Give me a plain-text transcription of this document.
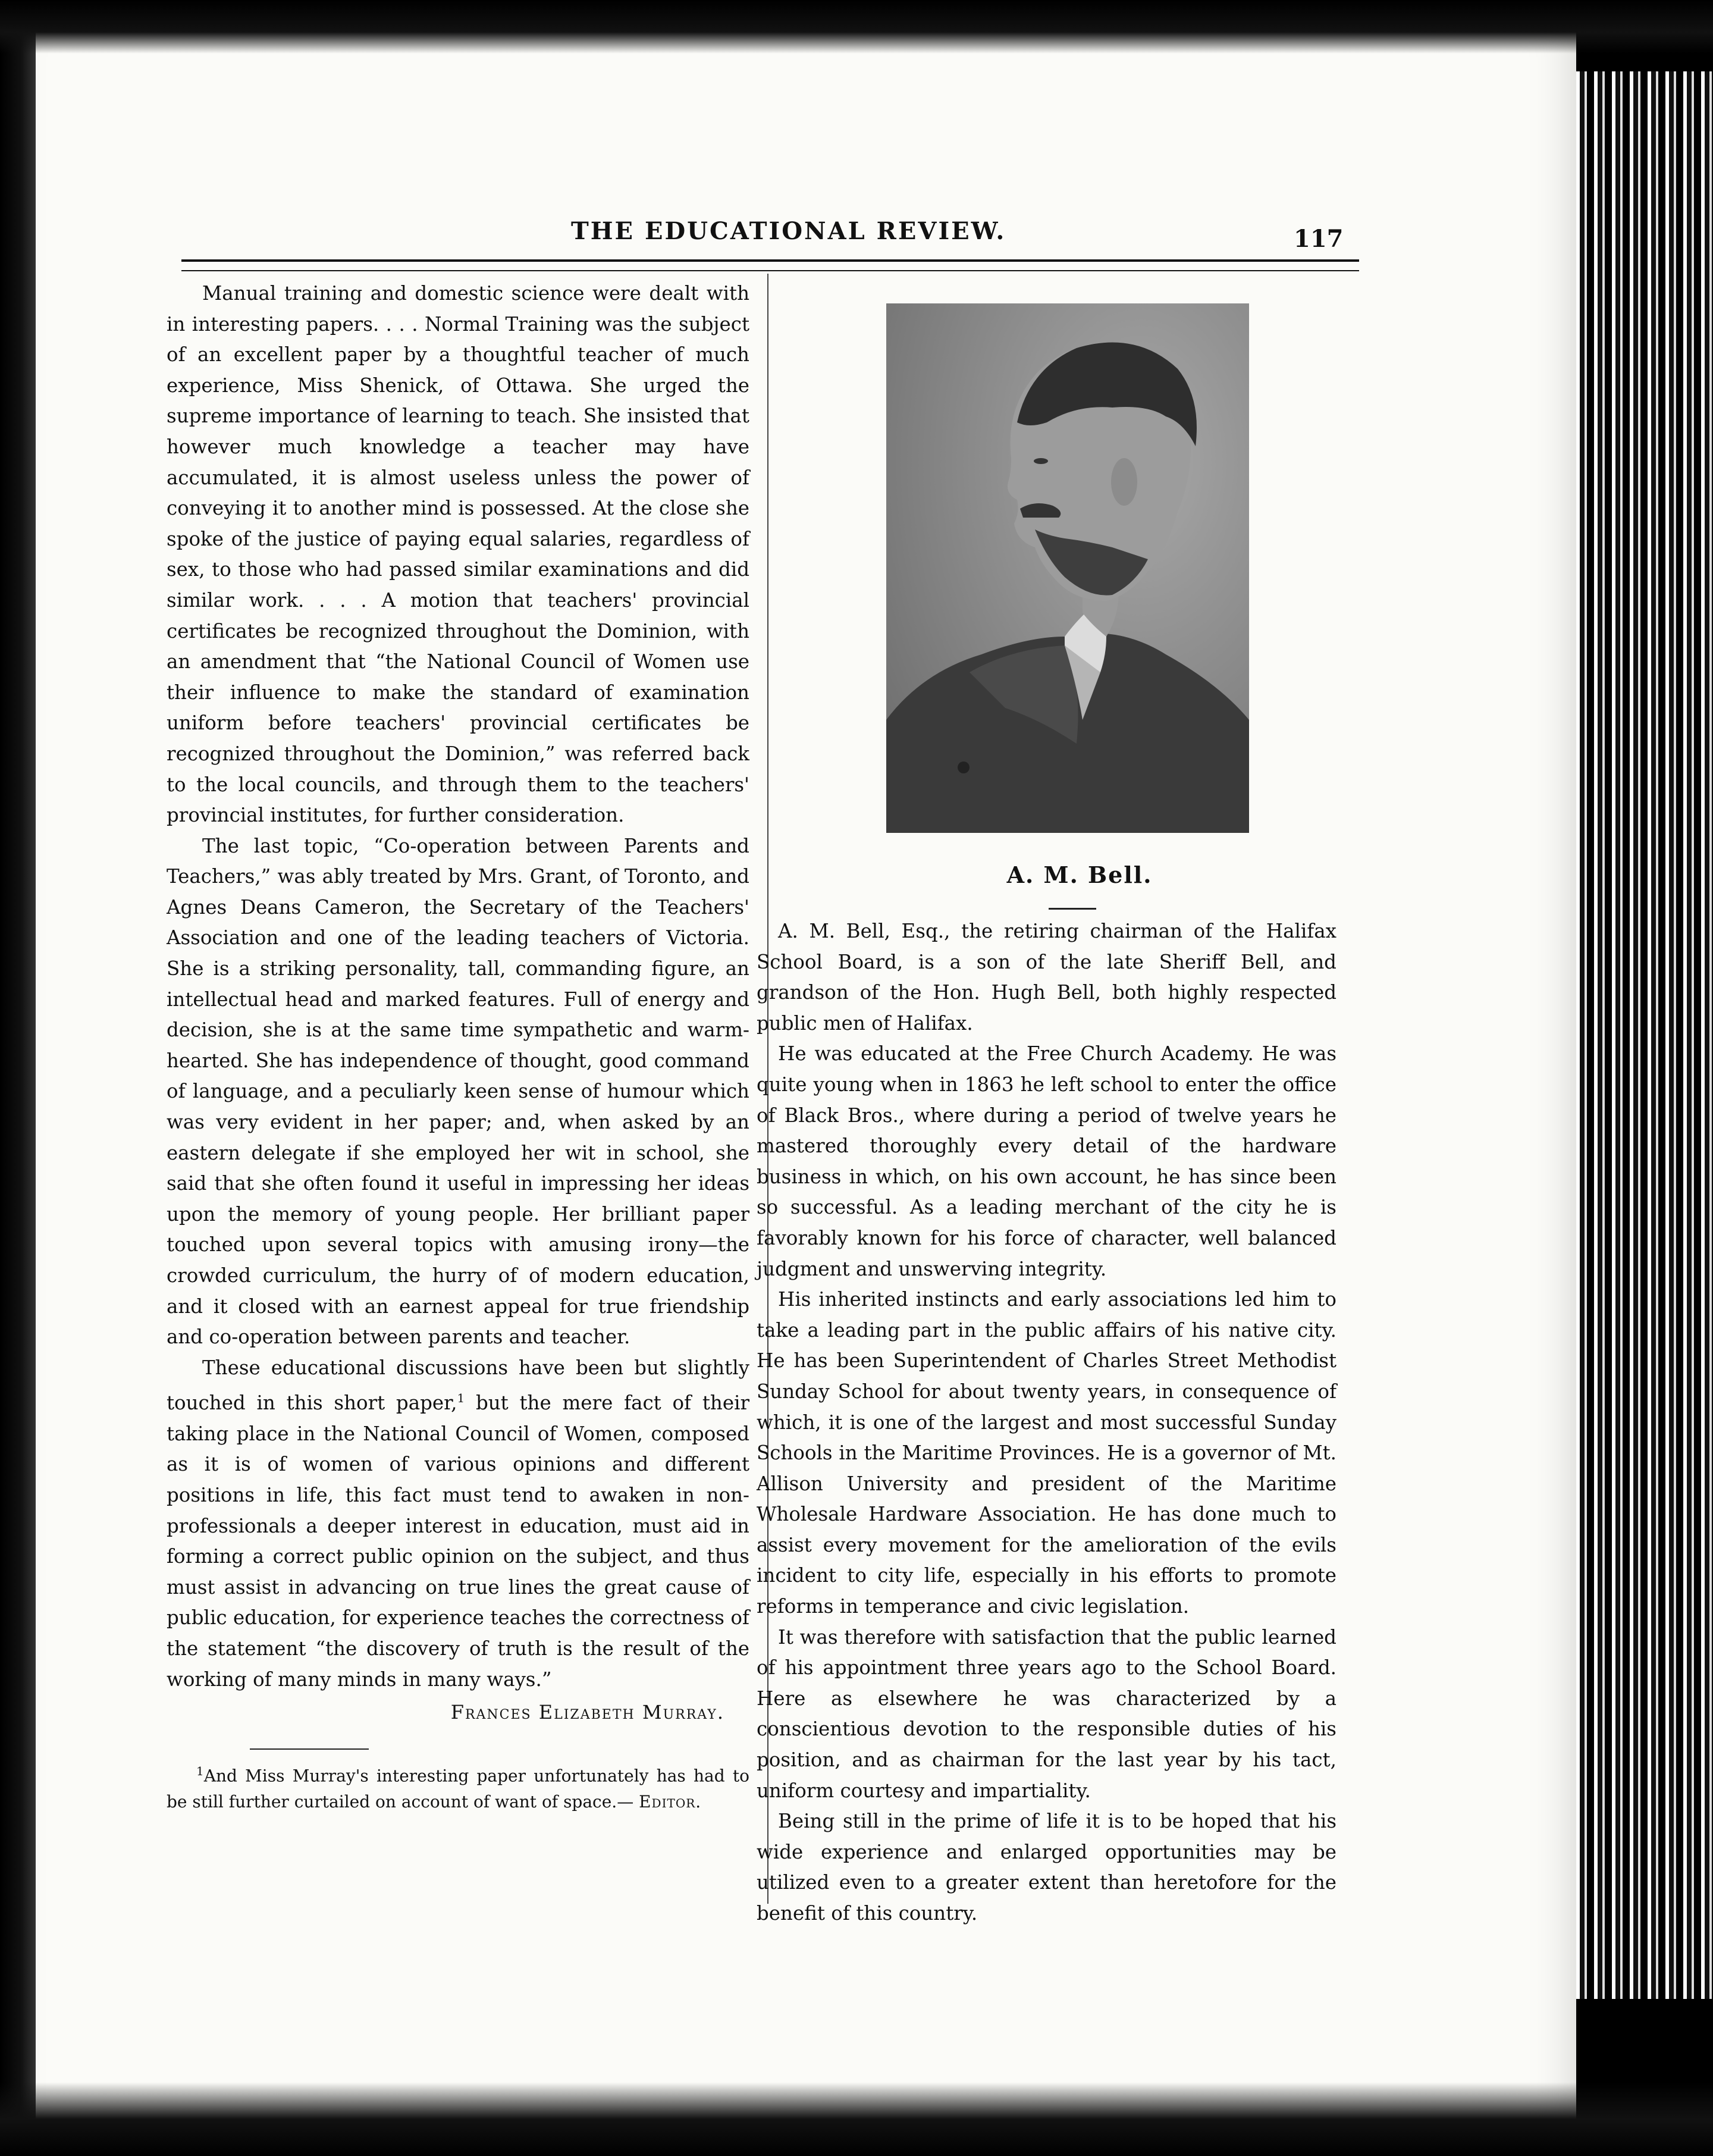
THE EDUCATIONAL REVIEW.	117

Manual training and domestic science were dealt with in interesting papers. . . . Normal Training was the subject of an excellent paper by a thoughtful teacher of much experience, Miss Shenick, of Ottawa. She urged the supreme importance of learning to teach. She insisted that however much knowledge a teacher may have accumulated, it is almost useless unless the power of conveying it to another mind is possessed. At the close she spoke of the justice of paying equal salaries, regardless of sex, to those who had passed similar examinations and did similar work. . . . A motion that teachers' provincial certificates be recognized throughout the Dominion, with an amendment that “the National Council of Women use their influence to make the standard of examination uniform before teachers' provincial certificates be recognized throughout the Dominion,” was referred back to the local councils, and through them to the teachers' provincial institutes, for further consideration.

The last topic, “Co-operation between Parents and Teachers,” was ably treated by Mrs. Grant, of Toronto, and Agnes Deans Cameron, the Secretary of the Teachers' Association and one of the leading teachers of Victoria. She is a striking personality, tall, commanding figure, an intellectual head and marked features. Full of energy and decision, she is at the same time sympathetic and warm-hearted. She has independence of thought, good command of language, and a peculiarly keen sense of humour which was very evident in her paper; and, when asked by an eastern delegate if she employed her wit in school, she said that she often found it useful in impressing her ideas upon the memory of young people. Her brilliant paper touched upon several topics with amusing irony—the crowded curriculum, the hurry of of modern education, and it closed with an earnest appeal for true friendship and co-operation between parents and teacher.

These educational discussions have been but slightly touched in this short paper,$^1$ but the mere fact of their taking place in the National Council of Women, composed as it is of women of various opinions and different positions in life, this fact must tend to awaken in non-professionals a deeper interest in education, must aid in forming a correct public opinion on the subject, and thus must assist in advancing on true lines the great cause of public education, for experience teaches the correctness of the statement “the discovery of truth is the result of the working of many minds in many ways.”

Frances Elizabeth Murray.
$^1$And Miss Murray's interesting paper unfortunately has had to be still further curtailed on account of want of space.— Editor.
A. M. Bell.

A. M. Bell, Esq., the retiring chairman of the Halifax School Board, is a son of the late Sheriff Bell, and grandson of the Hon. Hugh Bell, both highly respected public men of Halifax.

He was educated at the Free Church Academy. He was quite young when in 1863 he left school to enter the office of Black Bros., where during a period of twelve years he mastered thoroughly every detail of the hardware business in which, on his own account, he has since been so successful. As a leading merchant of the city he is favorably known for his force of character, well balanced judgment and unswerving integrity.

His inherited instincts and early associations led him to take a leading part in the public affairs of his native city. He has been Superintendent of Charles Street Methodist Sunday School for about twenty years, in consequence of which, it is one of the largest and most successful Sunday Schools in the Maritime Provinces. He is a governor of Mt. Allison University and president of the Maritime Wholesale Hardware Association. He has done much to assist every movement for the amelioration of the evils incident to city life, especially in his efforts to promote reforms in temperance and civic legislation.

It was therefore with satisfaction that the public learned of his appointment three years ago to the School Board. Here as elsewhere he was characterized by a conscientious devotion to the responsible duties of his position, and as chairman for the last year by his tact, uniform courtesy and impartiality.

Being still in the prime of life it is to be hoped that his wide experience and enlarged opportunities may be utilized even to a greater extent than heretofore for the benefit of this country.
